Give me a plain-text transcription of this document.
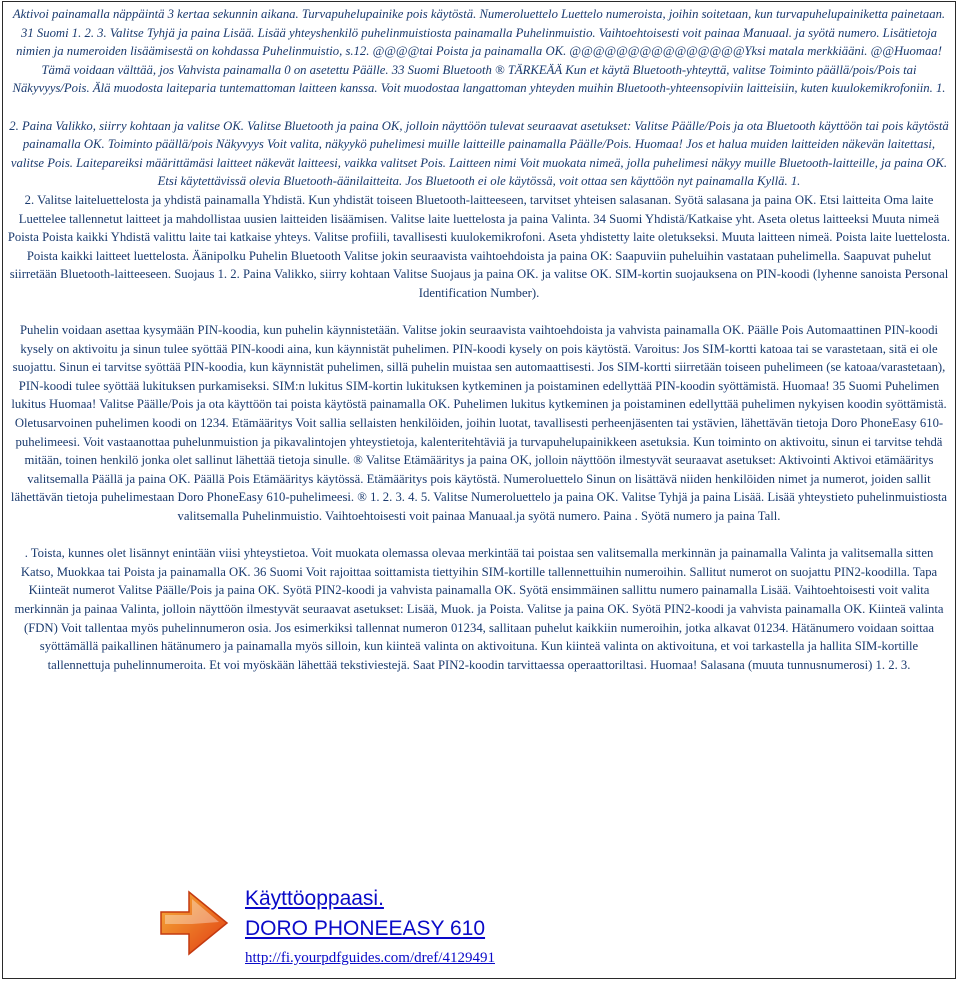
Aktivoi painamalla näppäintä 3 kertaa sekunnin aikana. Turvapuhelupainike pois käytöstä. Numeroluettelo Luettelo numeroista, joihin soitetaan, kun turvapuhelupainiketta painetaan. 31 Suomi 1. 2. 3. Valitse Tyhjä ja paina Lisää. Lisää yhteyshenkilö puhelinmuistiosta painamalla Puhelinmuistio. Vaihtoehtoisesti voit painaa Manuaal. ja syötä numero. Lisätietoja nimien ja numeroiden lisäämisestä on kohdassa Puhelinmuistio, s.12. @@@@tai Poista ja painamalla OK. @@@@@@@@@@@@@@@Yksi matala merkkiääni. @@Huomaa! Tämä voidaan välttää, jos Vahvista painamalla 0 on asetettu Päälle. 33 Suomi Bluetooth ® TÄRKEÄÄ Kun et käytä Bluetooth-yhteyttä, valitse Toiminto päällä/pois/Pois tai Näkyvyys/Pois. Älä muodosta laiteparia tuntemattoman laitteen kanssa. Voit muodostaa langattoman yhteyden muihin Bluetooth-yhteensopiviin laitteisiin, kuten kuulokemikrofoniin. 1.

2. Paina Valikko, siirry kohtaan ja valitse OK. Valitse Bluetooth ja paina OK, jolloin näyttöön tulevat seuraavat asetukset: Valitse Päälle/Pois ja ota Bluetooth käyttöön tai pois käytöstä painamalla OK. Toiminto päällä/pois Näkyvyys Voit valita, näkyykö puhelimesi muille laitteille painamalla Päälle/Pois. Huomaa! Jos et halua muiden laitteiden näkevän laitettasi, valitse Pois. Laitepareiksi määrittämäsi laitteet näkevät laitteesi, vaikka valitset Pois. Laitteen nimi Voit muokata nimeä, jolla puhelimesi näkyy muille Bluetooth-laitteille, ja paina OK. Etsi käytettävissä olevia Bluetooth-äänilaitteita. Jos Bluetooth ei ole käytössä, voit ottaa sen käyttöön nyt painamalla Kyllä. 1.

2. Valitse laiteluettelosta ja yhdistä painamalla Yhdistä. Kun yhdistät toiseen Bluetooth-laitteeseen, tarvitset yhteisen salasanan. Syötä salasana ja paina OK. Etsi laitteita Oma laite Luettelee tallennetut laitteet ja mahdollistaa uusien laitteiden lisäämisen. Valitse laite luettelosta ja paina Valinta. 34 Suomi Yhdistä/Katkaise yht. Aseta oletus laitteeksi Muuta nimeä Poista Poista kaikki Yhdistä valittu laite tai katkaise yhteys. Valitse profiili, tavallisesti kuulokemikrofoni. Aseta yhdistetty laite oletukseksi. Muuta laitteen nimeä. Poista laite luettelosta. Poista kaikki laitteet luettelosta. Äänipolku Puhelin Bluetooth Valitse jokin seuraavista vaihtoehdoista ja paina OK: Saapuviin puheluihin vastataan puhelimella. Saapuvat puhelut siirretään Bluetooth-laitteeseen. Suojaus 1. 2. Paina Valikko, siirry kohtaan Valitse Suojaus ja paina OK. ja valitse OK. SIM-kortin suojauksena on PIN-koodi (lyhenne sanoista Personal Identification Number).

Puhelin voidaan asettaa kysymään PIN-koodia, kun puhelin käynnistetään. Valitse jokin seuraavista vaihtoehdoista ja vahvista painamalla OK. Päälle Pois Automaattinen PIN-koodi kysely on aktivoitu ja sinun tulee syöttää PIN-koodi aina, kun käynnistät puhelimen. PIN-koodi kysely on pois käytöstä. Varoitus: Jos SIM-kortti katoaa tai se varastetaan, sitä ei ole suojattu. Sinun ei tarvitse syöttää PIN-koodia, kun käynnistät puhelimen, sillä puhelin muistaa sen automaattisesti. Jos SIM-kortti siirretään toiseen puhelimeen (se katoaa/varastetaan), PIN-koodi tulee syöttää lukituksen purkamiseksi. SIM:n lukitus SIM-kortin lukituksen kytkeminen ja poistaminen edellyttää PIN-koodin syöttämistä. Huomaa! 35 Suomi Puhelimen lukitus Huomaa! Valitse Päälle/Pois ja ota käyttöön tai poista käytöstä painamalla OK. Puhelimen lukitus kytkeminen ja poistaminen edellyttää puhelimen nykyisen koodin syöttämistä. Oletusarvoinen puhelimen koodi on 1234. Etämääritys Voit sallia sellaisten henkilöiden, joihin luotat, tavallisesti perheenjäsenten tai ystävien, lähettävän tietoja Doro PhoneEasy 610-puhelimeesi. Voit vastaanottaa puhelunmuistion ja pikavalintojen yhteystietoja, kalenteritehtäviä ja turvapuhelupainikkeen asetuksia. Kun toiminto on aktivoitu, sinun ei tarvitse tehdä mitään, toinen henkilö jonka olet sallinut lähettää tietoja sinulle. ® Valitse Etämääritys ja paina OK, jolloin näyttöön ilmestyvät seuraavat asetukset: Aktivointi Aktivoi etämääritys valitsemalla Päällä ja paina OK. Päällä Pois Etämääritys käytössä. Etämääritys pois käytöstä. Numeroluettelo Sinun on lisättävä niiden henkilöiden nimet ja numerot, joiden sallit lähettävän tietoja puhelimestaan Doro PhoneEasy 610-puhelimeesi. ® 1. 2. 3. 4. 5. Valitse Numeroluettelo ja paina OK. Valitse Tyhjä ja paina Lisää. Lisää yhteystieto puhelinmuistiosta valitsemalla Puhelinmuistio. Vaihtoehtoisesti voit painaa Manuaal.ja syötä numero. Paina . Syötä numero ja paina Tall.

. Toista, kunnes olet lisännyt enintään viisi yhteystietoa. Voit muokata olemassa olevaa merkintää tai poistaa sen valitsemalla merkinnän ja painamalla Valinta ja valitsemalla sitten Katso, Muokkaa tai Poista ja painamalla OK. 36 Suomi Voit rajoittaa soittamista tiettyihin SIM-kortille tallennettuihin numeroihin. Sallitut numerot on suojattu PIN2-koodilla. Tapa Kiinteät numerot Valitse Päälle/Pois ja paina OK. Syötä PIN2-koodi ja vahvista painamalla OK. Syötä ensimmäinen sallittu numero painamalla Lisää. Vaihtoehtoisesti voit valita merkinnän ja painaa Valinta, jolloin näyttöön ilmestyvät seuraavat asetukset: Lisää, Muok. ja Poista. Valitse ja paina OK. Syötä PIN2-koodi ja vahvista painamalla OK. Kiinteä valinta (FDN) Voit tallentaa myös puhelinnumeron osia. Jos esimerkiksi tallennat numeron 01234, sallitaan puhelut kaikkiin numeroihin, jotka alkavat 01234. Hätänumero voidaan soittaa syöttämällä paikallinen hätänumero ja painamalla myös silloin, kun kiinteä valinta on aktivoituna. Kun kiinteä valinta on aktivoituna, et voi tarkastella ja hallita SIM-kortille tallennettuja puhelinnumeroita. Et voi myöskään lähettää tekstiviestejä. Saat PIN2-koodin tarvittaessa operaattoriltasi. Huomaa! Salasana (muuta tunnusnumerosi) 1. 2. 3.

Käyttöoppaasi.
DORO PHONEEASY 610
http://fi.yourpdfguides.com/dref/4129491
